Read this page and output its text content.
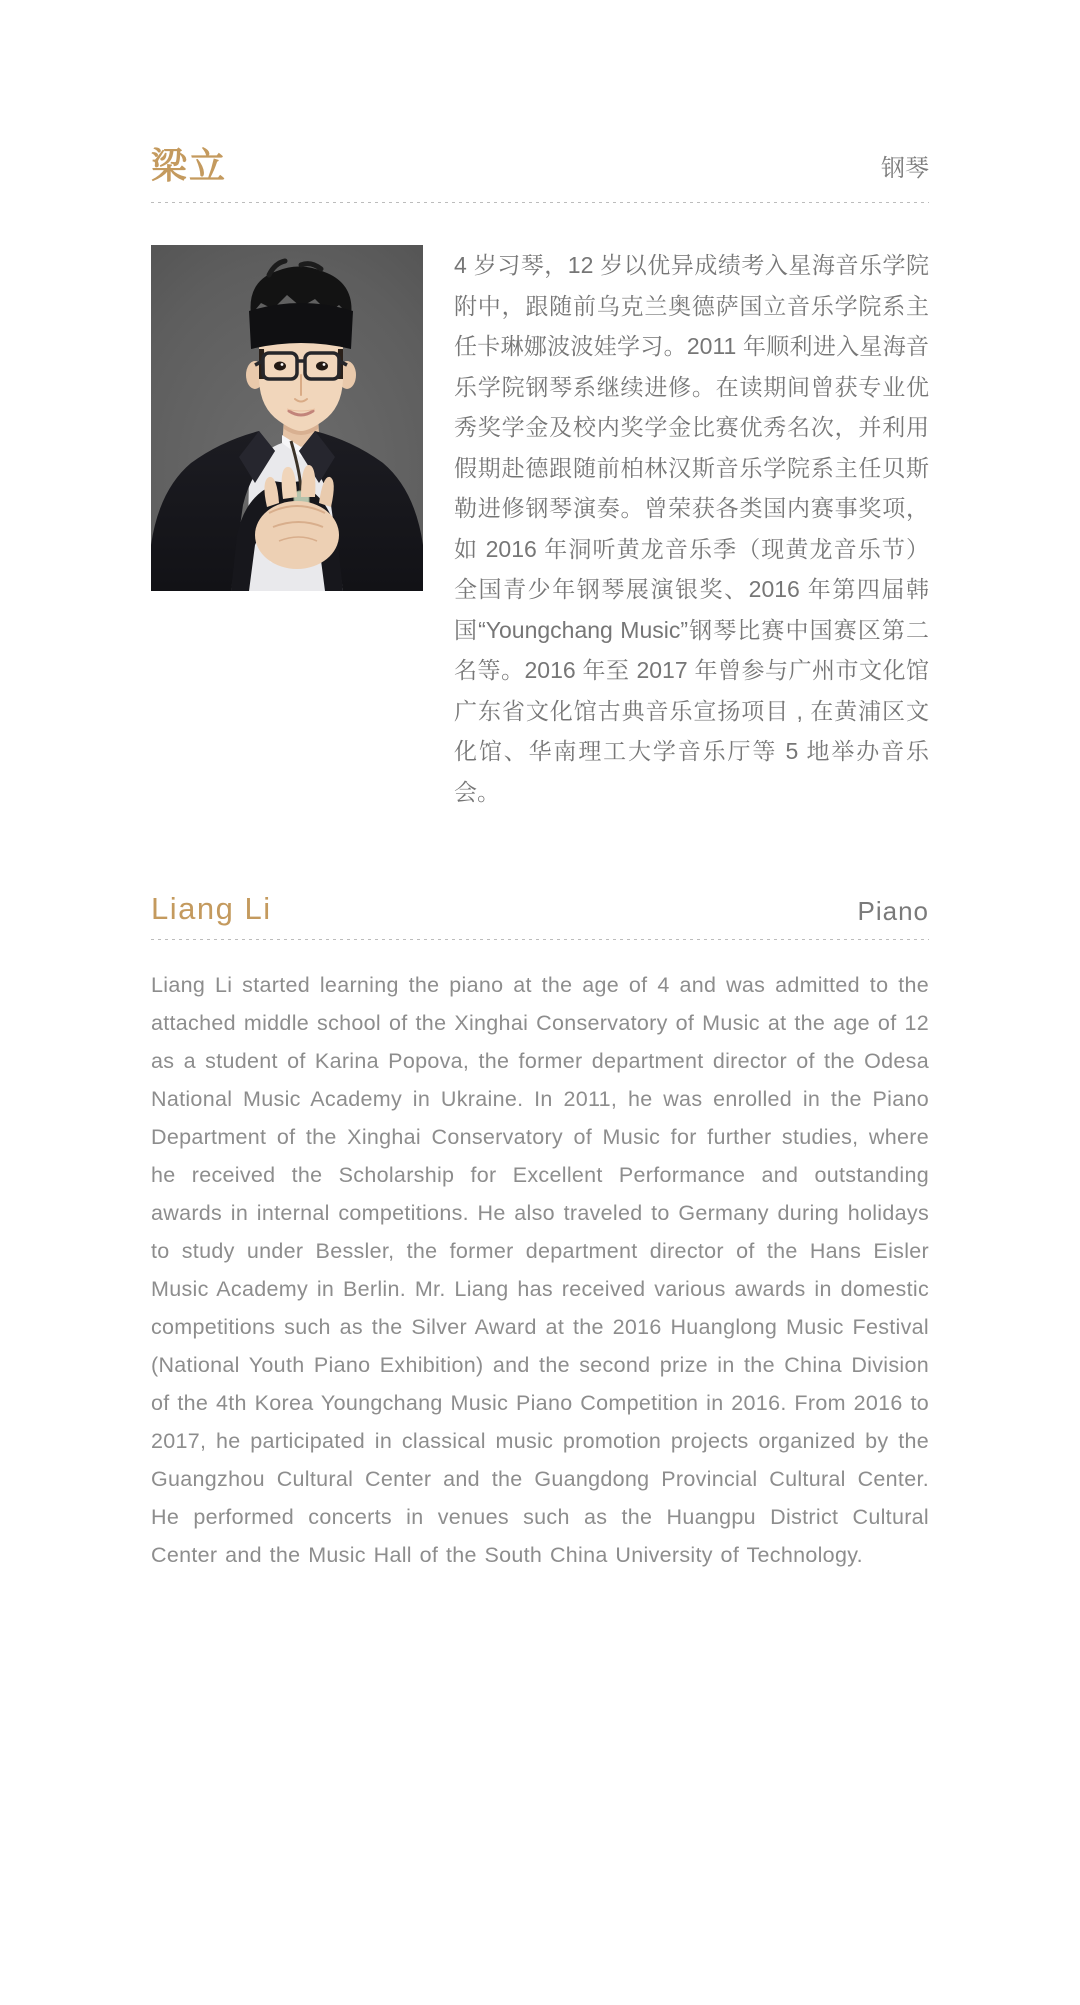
梁立	钢琴

4 岁习琴，12 岁以优异成绩考入星海音乐学院附中，跟随前乌克兰奥德萨国立音乐学院系主任卡琳娜波波娃学习。2011 年顺利进入星海音乐学院钢琴系继续进修。在读期间曾获专业优秀奖学金及校内奖学金比赛优秀名次，并利用假期赴德跟随前柏林汉斯音乐学院系主任贝斯勒进修钢琴演奏。曾荣获各类国内赛事奖项，如 2016 年洞听黄龙音乐季（现黄龙音乐节）全国青少年钢琴展演银奖、2016 年第四届韩国“Youngchang Music”钢琴比赛中国赛区第二名等。2016 年至 2017 年曾参与广州市文化馆广东省文化馆古典音乐宣扬项目 , 在黄浦区文化馆、华南理工大学音乐厅等 5 地举办音乐会。

Liang Li	Piano

Liang Li started learning the piano at the age of 4 and was admitted to the attached middle school of the Xinghai Conservatory of Music at the age of 12 as a student of Karina Popova, the former department director of the Odesa National Music Academy in Ukraine. In 2011, he was enrolled in the Piano Department of the Xinghai Conservatory of Music for further studies, where he received the Scholarship for Excellent Performance and outstanding awards in internal competitions. He also traveled to Germany during holidays to study under Bessler, the former department director of the Hans Eisler Music Academy in Berlin. Mr. Liang has received various awards in domestic competitions such as the Silver Award at the 2016 Huanglong Music Festival (National Youth Piano Exhibition) and the second prize in the China Division of the 4th Korea Youngchang Music Piano Competition in 2016. From 2016 to 2017, he participated in classical music promotion projects organized by the Guangzhou Cultural Center and the Guangdong Provincial Cultural Center. He performed concerts in venues such as the Huangpu District Cultural Center and the Music Hall of the South China University of Technology.
